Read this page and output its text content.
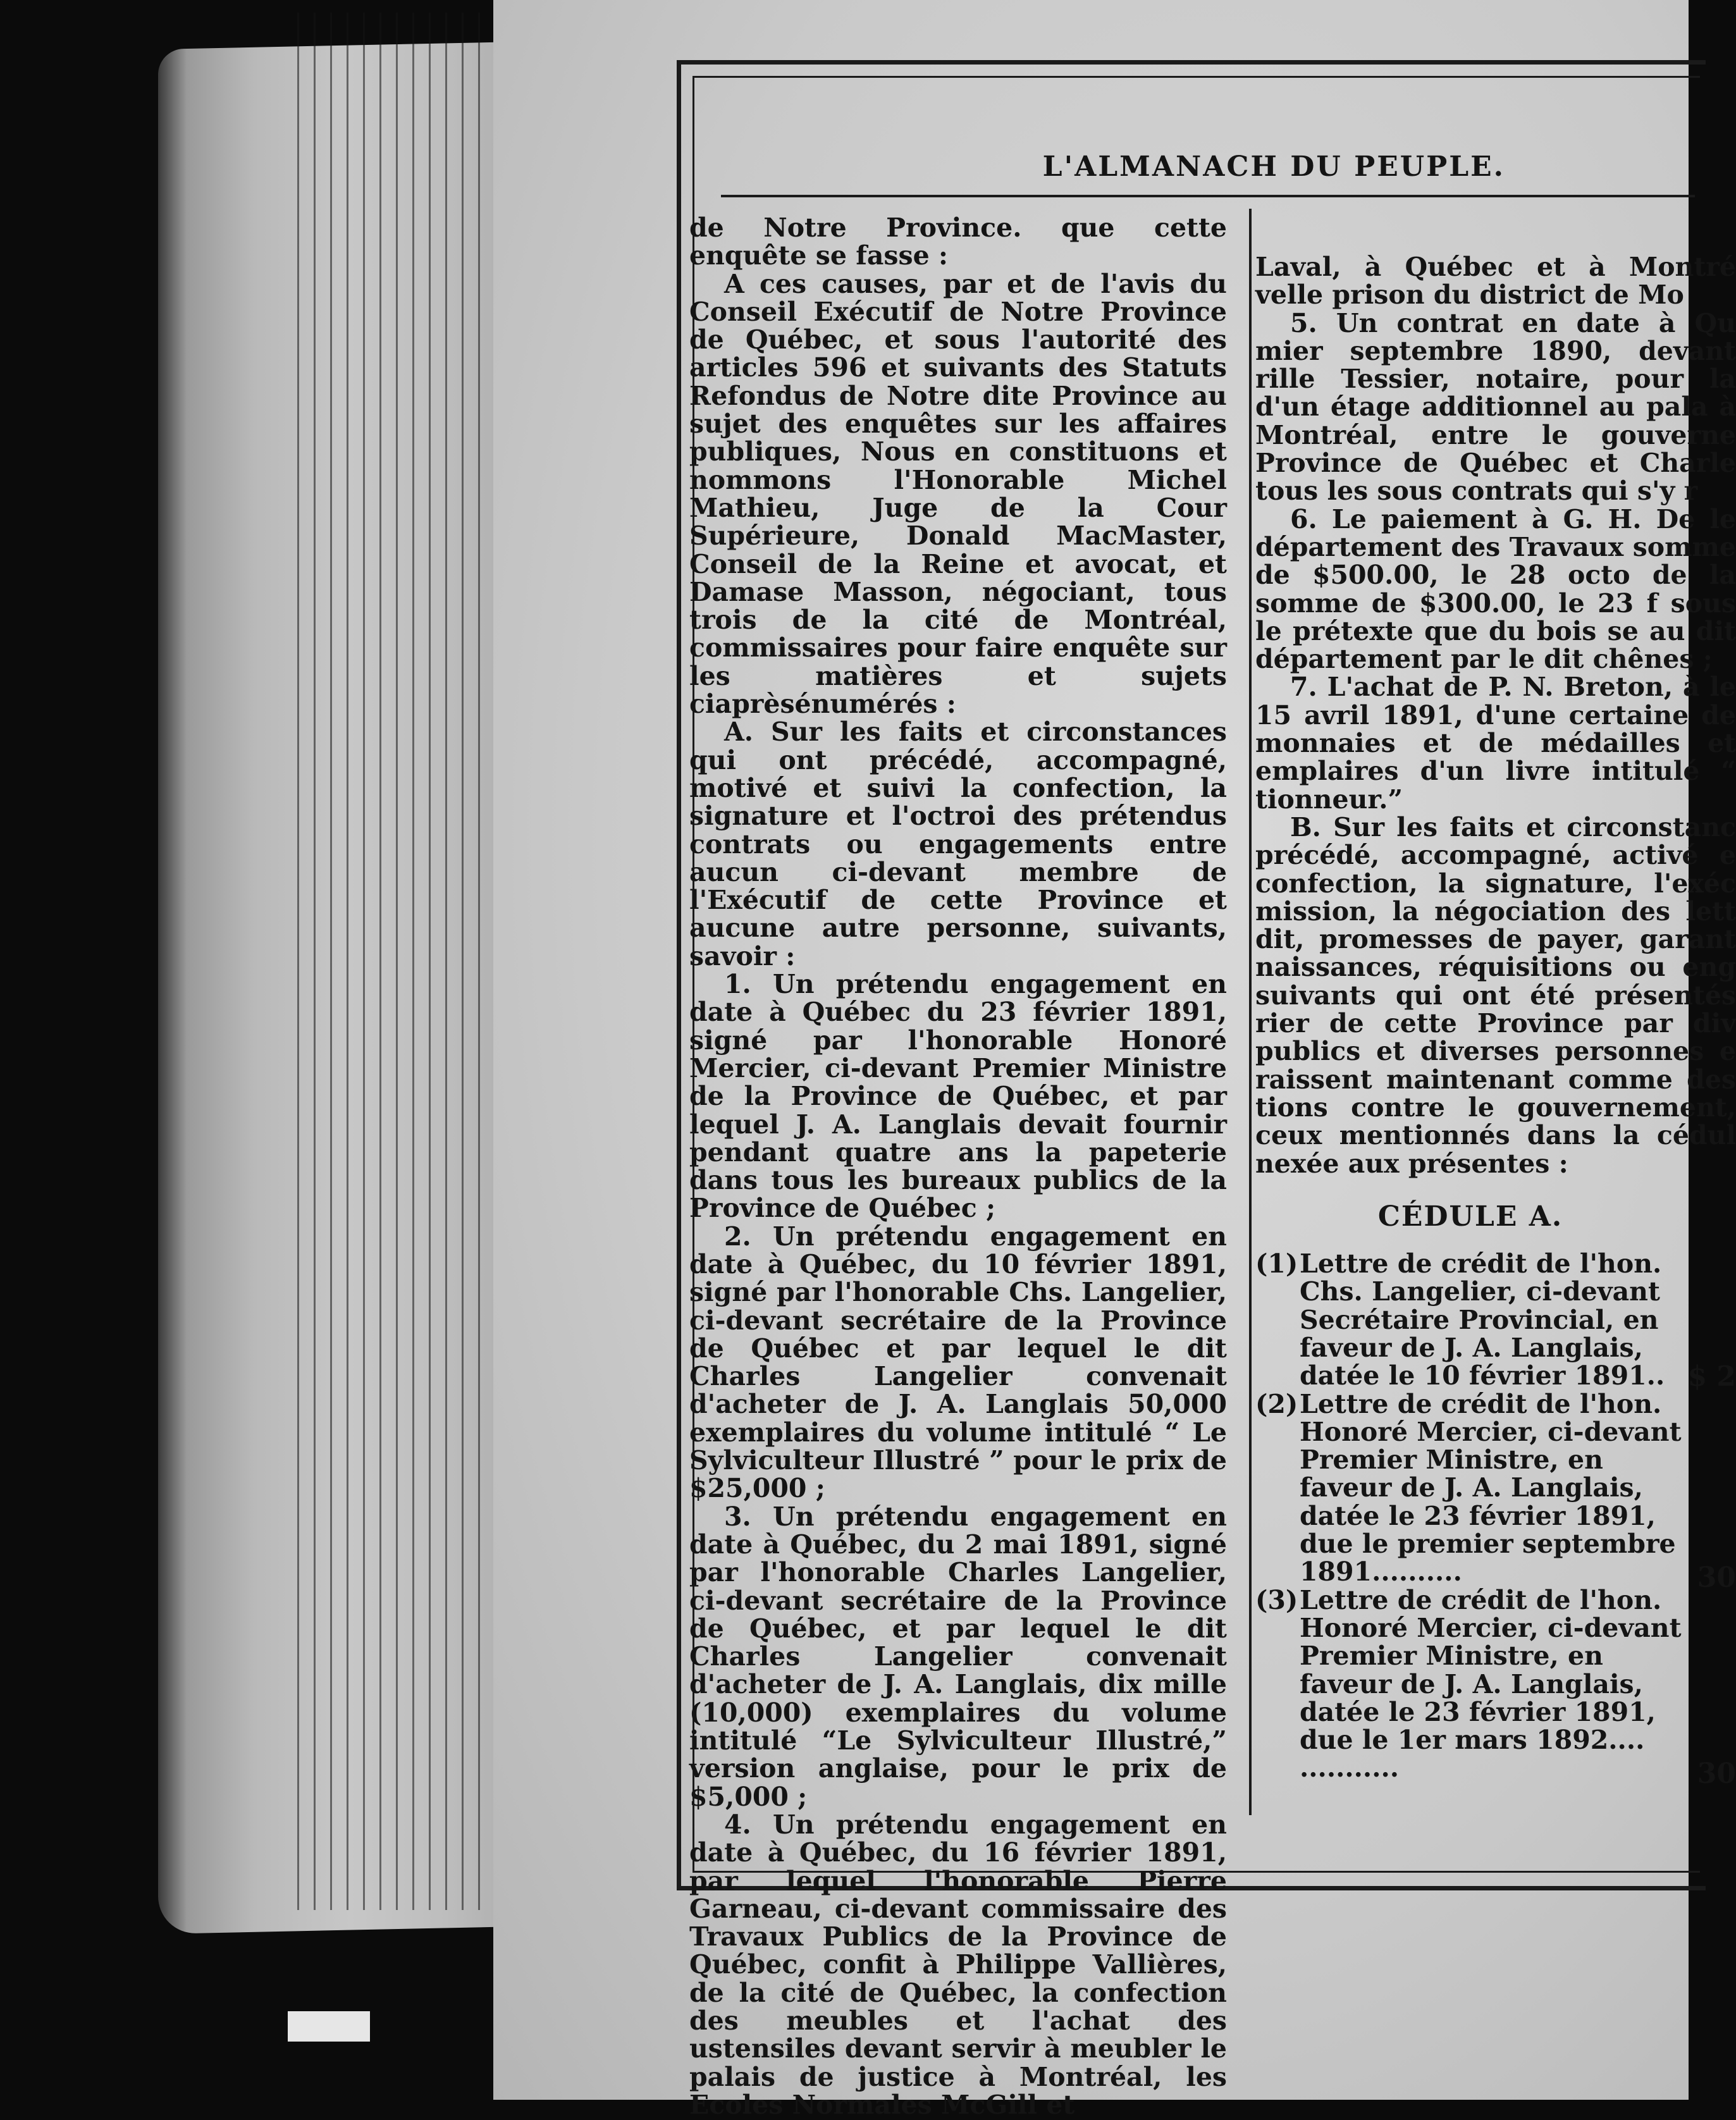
L'ALMANACH DU PEUPLE.

de Notre Province. que cette enquête se fasse :

A ces causes, par et de l'avis du Conseil Exécutif de Notre Province de Québec, et sous l'autorité des articles 596 et suivants des Statuts Refondus de Notre dite Province au sujet des enquêtes sur les affaires publiques, Nous en constituons et nommons l'Honorable Michel Mathieu, Juge de la Cour Supérieure, Donald MacMaster, Conseil de la Reine et avocat, et Damase Masson, négociant, tous trois de la cité de Montréal, commissaires pour faire enquête sur les matières et sujets ciaprèsénumérés :

A. Sur les faits et circonstances qui ont précédé, accompagné, motivé et suivi la confection, la signature et l'octroi des prétendus contrats ou engagements entre aucun ci-devant membre de l'Exécutif de cette Province et aucune autre personne, suivants, savoir :

1. Un prétendu engagement en date à Québec du 23 février 1891, signé par l'honorable Honoré Mercier, ci-devant Premier Ministre de la Province de Québec, et par lequel J. A. Langlais devait fournir pendant quatre ans la papeterie dans tous les bureaux publics de la Province de Québec ;

2. Un prétendu engagement en date à Québec, du 10 février 1891, signé par l'honorable Chs. Langelier, ci-devant secrétaire de la Province de Québec et par lequel le dit Charles Langelier convenait d'acheter de J. A. Langlais 50,000 exemplaires du volume intitulé “ Le Sylviculteur Illustré ” pour le prix de $25,000 ;

3. Un prétendu engagement en date à Québec, du 2 mai 1891, signé par l'honorable Charles Langelier, ci-devant secrétaire de la Province de Québec, et par lequel le dit Charles Langelier convenait d'acheter de J. A. Langlais, dix mille (10,000) exemplaires du volume intitulé “Le Sylviculteur Illustré,” version anglaise, pour le prix de $5,000 ;

4. Un prétendu engagement en date à Québec, du 16 février 1891, par lequel l'honorable Pierre Garneau, ci-devant commissaire des Travaux Publics de la Province de Québec, confit à Philippe Vallières, de la cité de Québec, la confection des meubles et l'achat des ustensiles devant servir à meubler le palais de justice à Montréal, les Ecoles Normales McGill et

Laval, à Québec et à Montré velle prison du district de Mo

5. Un contrat en date à Qu mier septembre 1890, devant rille Tessier, notaire, pour la d'un étage additionnel au pala à Montréal, entre le gouverne Province de Québec et Charle tous les sous contrats qui s'y r

6. Le paiement à G. H. De le département des Travaux somme de $500.00, le 28 octo de la somme de $300.00, le 23 f sous le prétexte que du bois se au dit département par le dit chênes ;

7. L'achat de P. N. Breton, à le 15 avril 1891, d'une certaine de monnaies et de médailles et emplaires d'un livre intitulé “ tionneur.”

B. Sur les faits et circonstanc précédé, accompagné, activé e confection, la signature, l'exéc mission, la négociation des lett dit, promesses de payer, garant naissances, réquisitions ou eng suivants qui ont été présentés rier de cette Province par div publics et diverses personnes e raissent maintenant comme des tions contre le gouvernement, ceux mentionnés dans la cédul nexée aux présentes :

CÉDULE A.
(1) Lettre de crédit de l'hon. Chs. Langelier, ci-devant Secrétaire Provincial, en faveur de J. A. Langlais, datée le 10 février 1891.. $ 2
(2) Lettre de crédit de l'hon. Honoré Mercier, ci-devant Premier Ministre, en faveur de J. A. Langlais, datée le 23 février 1891, due le premier septembre 1891..........	30
(3) Lettre de crédit de l'hon. Honoré Mercier, ci-devant Premier Ministre, en faveur de J. A. Langlais, datée le 23 février 1891, due le 1er mars 1892.... ...........	30
